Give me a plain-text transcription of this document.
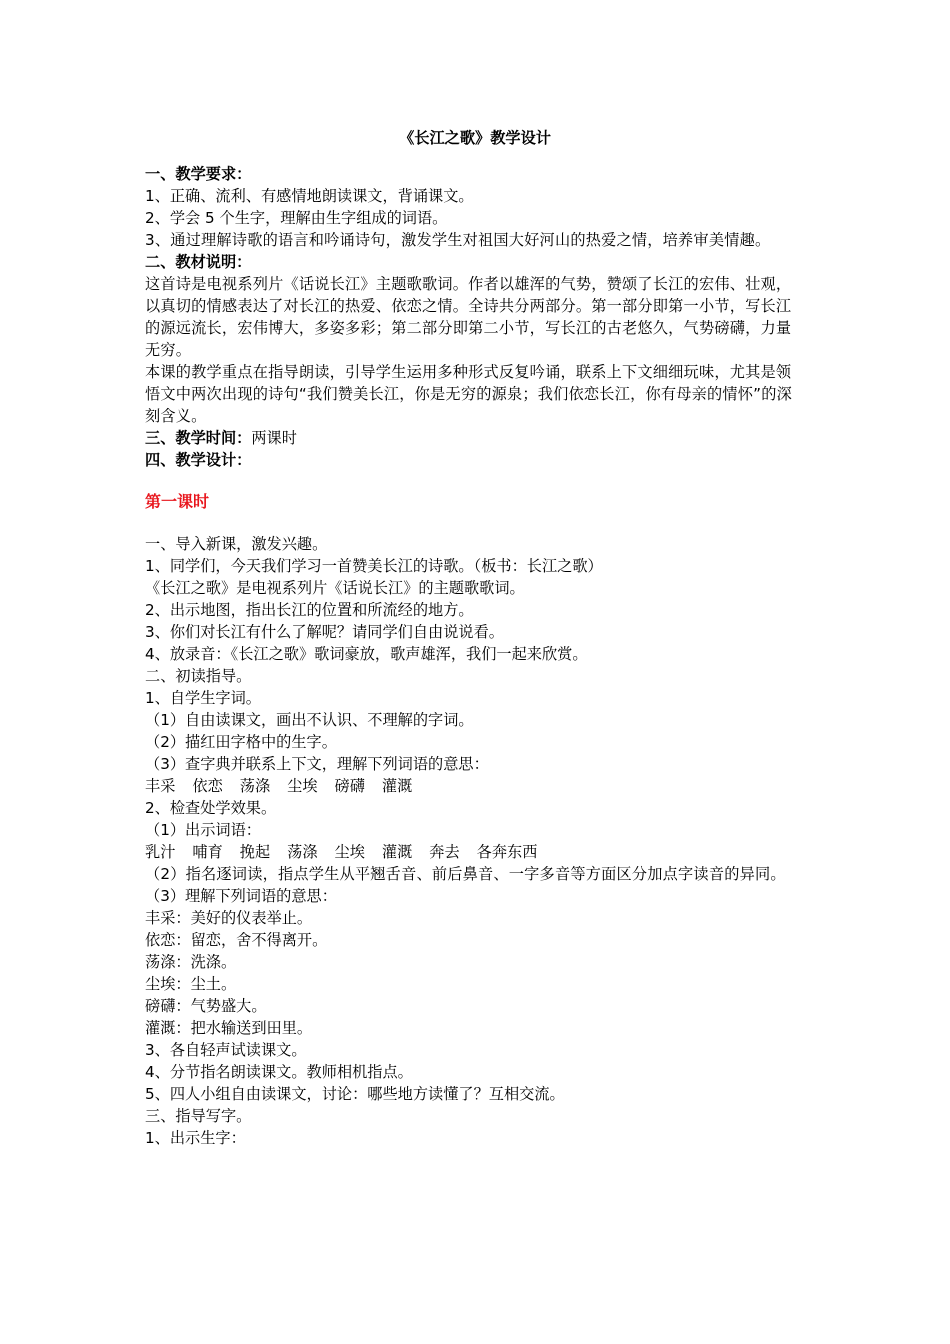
《长江之歌》教学设计
一、教学要求：
1、正确、流利、有感情地朗读课文，背诵课文。
2、学会 5 个生字，理解由生字组成的词语。
3、通过理解诗歌的语言和吟诵诗句，激发学生对祖国大好河山的热爱之情，培养审美情趣。
二、教材说明：
这首诗是电视系列片《话说长江》主题歌歌词。作者以雄浑的气势，赞颂了长江的宏伟、壮观，以真切的情感表达了对长江的热爱、依恋之情。全诗共分两部分。第一部分即第一小节，写长江的源远流长，宏伟博大，多姿多彩；第二部分即第二小节，写长江的古老悠久，气势磅礴，力量无穷。
本课的教学重点在指导朗读，引导学生运用多种形式反复吟诵，联系上下文细细玩味，尤其是领悟文中两次出现的诗句“我们赞美长江，你是无穷的源泉；我们依恋长江，你有母亲的情怀”的深刻含义。
三、教学时间：两课时
四、教学设计：
第一课时
一、导入新课，激发兴趣。
1、同学们，今天我们学习一首赞美长江的诗歌。（板书：长江之歌）
《长江之歌》是电视系列片《话说长江》的主题歌歌词。
2、出示地图，指出长江的位置和所流经的地方。
3、你们对长江有什么了解呢？请同学们自由说说看。
4、放录音：《长江之歌》歌词豪放，歌声雄浑，我们一起来欣赏。
二、初读指导。
1、自学生字词。
（1）自由读课文，画出不认识、不理解的字词。
（2）描红田字格中的生字。
（3）查字典并联系上下文，理解下列词语的意思：
丰采 依恋 荡涤 尘埃 磅礴 灌溉
2、检查处学效果。
（1）出示词语：
乳汁 哺育 挽起 荡涤 尘埃 灌溉 奔去 各奔东西
（2）指名逐词读，指点学生从平翘舌音、前后鼻音、一字多音等方面区分加点字读音的异同。
（3）理解下列词语的意思：
丰采：美好的仪表举止。
依恋：留恋，舍不得离开。
荡涤：洗涤。
尘埃：尘土。
磅礴：气势盛大。
灌溉：把水输送到田里。
3、各自轻声试读课文。
4、分节指名朗读课文。教师相机指点。
5、四人小组自由读课文，讨论：哪些地方读懂了？互相交流。
三、指导写字。
1、出示生字：
